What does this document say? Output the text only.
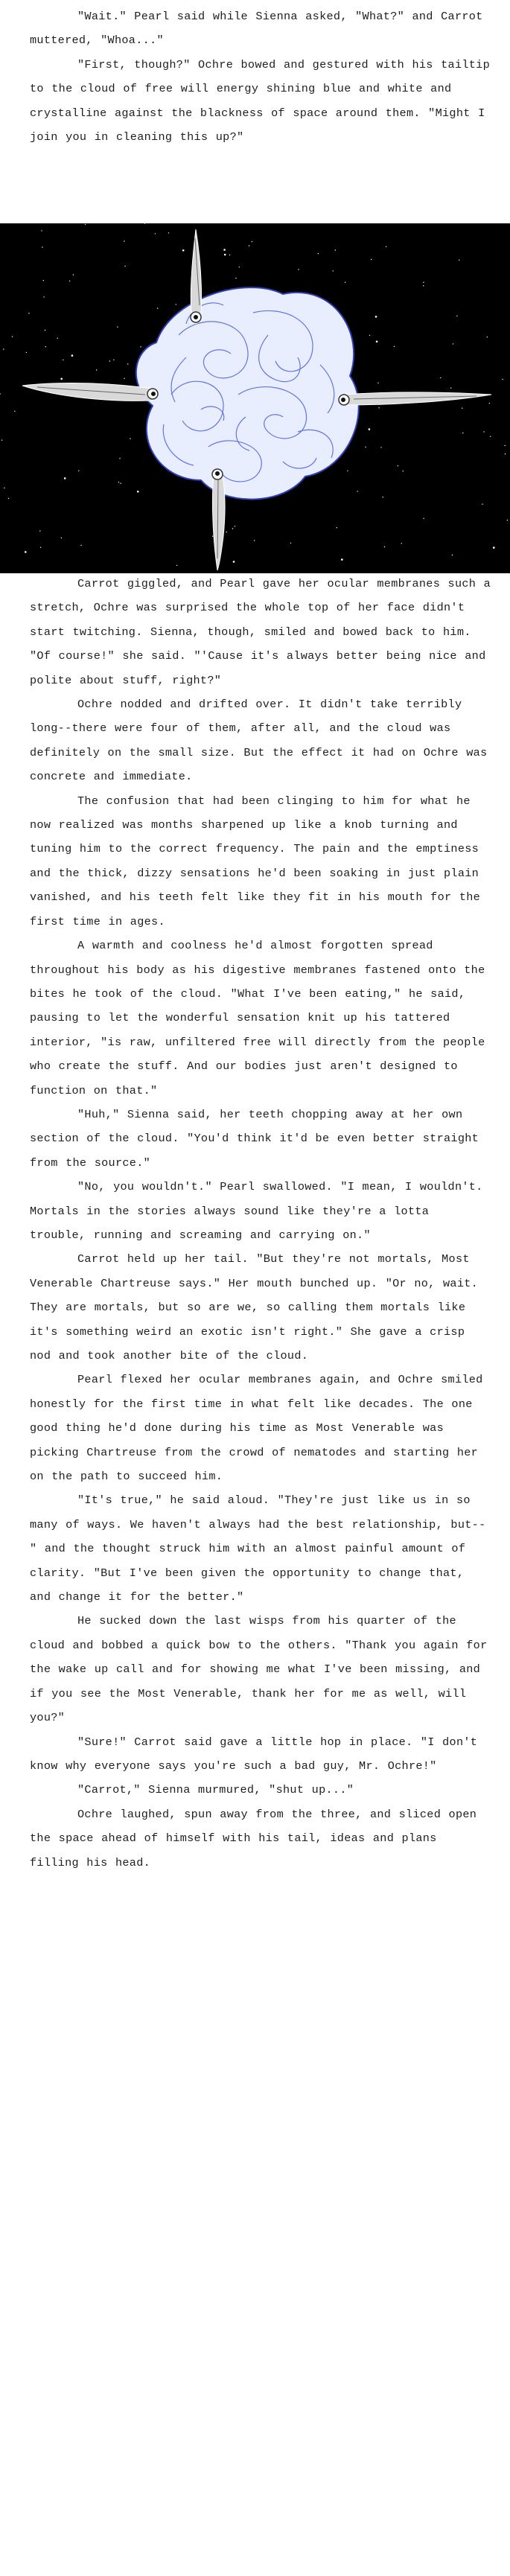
"Wait." Pearl said while Sienna asked, "What?" and Carrot muttered, "Whoa..."

"First, though?" Ochre bowed and gestured with his tailtip to the cloud of free will energy shining blue and white and crystalline against the blackness of space around them. "Might I join you in cleaning this up?"

Carrot giggled, and Pearl gave her ocular membranes such a stretch, Ochre was surprised the whole top of her face didn't start twitching. Sienna, though, smiled and bowed back to him. "Of course!" she said. "'Cause it's always better being nice and polite about stuff, right?"

Ochre nodded and drifted over. It didn't take terribly long--there were four of them, after all, and the cloud was definitely on the small size. But the effect it had on Ochre was concrete and immediate.

The confusion that had been clinging to him for what he now realized was months sharpened up like a knob turning and tuning him to the correct frequency. The pain and the emptiness and the thick, dizzy sensations he'd been soaking in just plain vanished, and his teeth felt like they fit in his mouth for the first time in ages.

A warmth and coolness he'd almost forgotten spread throughout his body as his digestive membranes fastened onto the bites he took of the cloud. "What I've been eating," he said, pausing to let the wonderful sensation knit up his tattered interior, "is raw, unfiltered free will directly from the people who create the stuff. And our bodies just aren't designed to function on that."

"Huh," Sienna said, her teeth chopping away at her own section of the cloud. "You'd think it'd be even better straight from the source."

"No, you wouldn't." Pearl swallowed. "I mean, I wouldn't. Mortals in the stories always sound like they're a lotta trouble, running and screaming and carrying on."

Carrot held up her tail. "But they're not mortals, Most Venerable Chartreuse says." Her mouth bunched up. "Or no, wait. They are mortals, but so are we, so calling them mortals like it's something weird an exotic isn't right." She gave a crisp nod and took another bite of the cloud.

Pearl flexed her ocular membranes again, and Ochre smiled honestly for the first time in what felt like decades. The one good thing he'd done during his time as Most Venerable was picking Chartreuse from the crowd of nematodes and starting her on the path to succeed him.

"It's true," he said aloud. "They're just like us in so many of ways. We haven't always had the best relationship, but--" and the thought struck him with an almost painful amount of clarity. "But I've been given the opportunity to change that, and change it for the better."

He sucked down the last wisps from his quarter of the cloud and bobbed a quick bow to the others. "Thank you again for the wake up call and for showing me what I've been missing, and if you see the Most Venerable, thank her for me as well, will you?"

"Sure!" Carrot said gave a little hop in place. "I don't know why everyone says you're such a bad guy, Mr. Ochre!"

"Carrot," Sienna murmured, "shut up..."

Ochre laughed, spun away from the three, and sliced open the space ahead of himself with his tail, ideas and plans filling his head.
